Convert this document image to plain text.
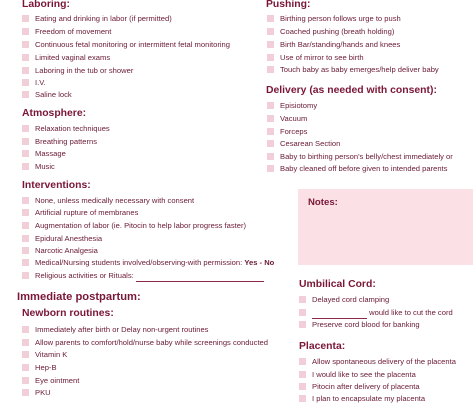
Laboring:
Eating and drinking in labor (if permitted)
Freedom of movement
Continuous fetal monitoring or intermittent fetal monitoring
Limited vaginal exams
Laboring in the tub or shower
I.V.
Saline lock
Atmosphere:
Relaxation techniques
Breathing patterns
Massage
Music
Interventions:
None, unless medically necessary with consent
Artificial rupture of membranes
Augmentation of labor (ie. Pitocin to help labor progress faster)
Epidural Anesthesia
Narcotic Analgesia
Medical/Nursing students involved/observing-with permission: Yes - No
Religious activities or Rituals:
Immediate postpartum:
Newborn routines:
Immediately after birth or Delay non-urgent routines
Allow parents to comfort/hold/nurse baby while screenings conducted
Vitamin K
Hep-B
Eye ointment
PKU
Pushing:
Birthing person follows urge to push
Coached pushing (breath holding)
Birth Bar/standing/hands and knees
Use of mirror to see birth
Touch baby as baby emerges/help deliver baby
Delivery (as needed with consent):
Episiotomy
Vacuum
Forceps
Cesarean Section
Baby to birthing person's belly/chest immediately or
Baby cleaned off before given to intended parents
Notes:
Umbilical Cord:
Delayed cord clamping
would like to cut the cord
Preserve cord blood for banking
Placenta:
Allow spontaneous delivery of the placenta
I would like to see the placenta
Pitocin after delivery of placenta
I plan to encapsulate my placenta
